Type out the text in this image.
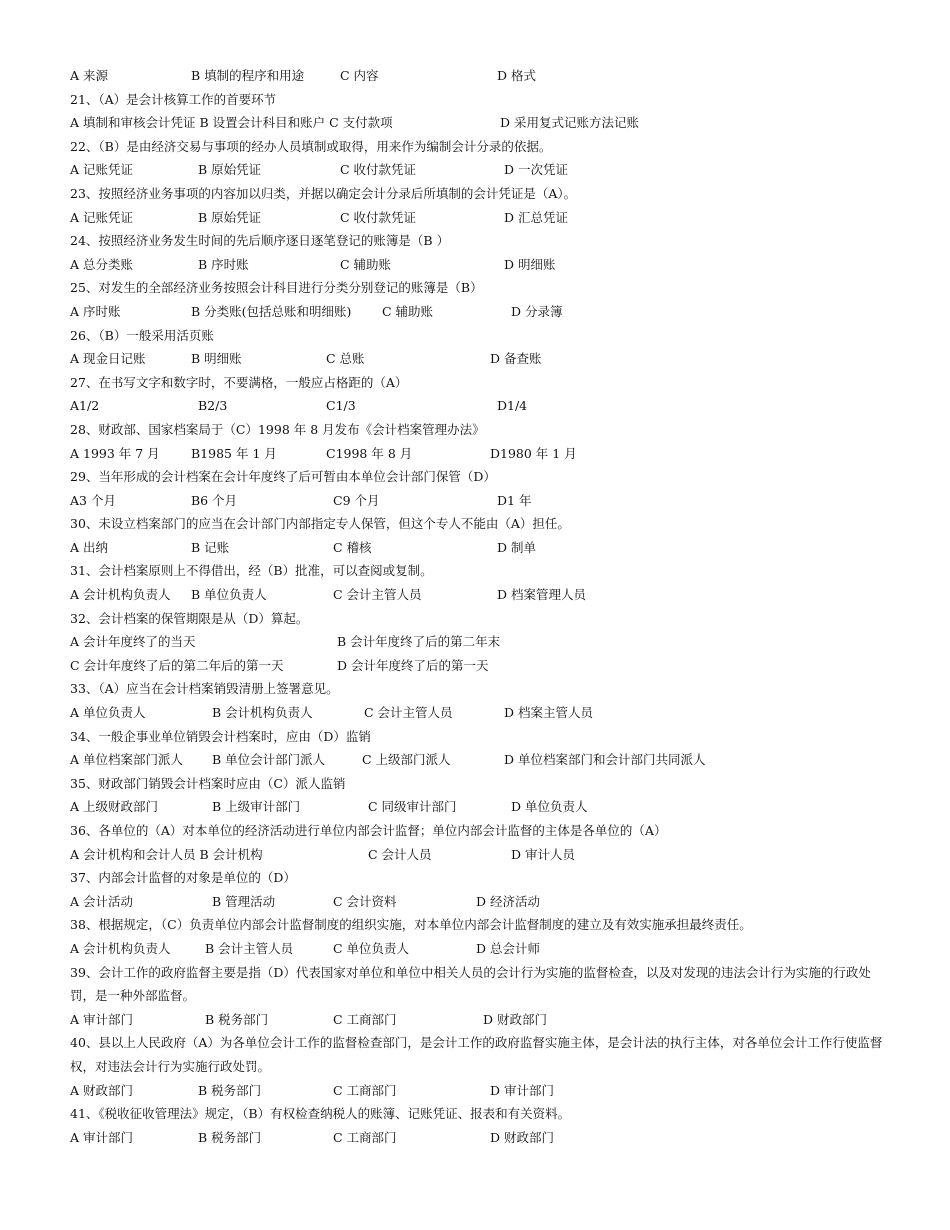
A 来源	B 填制的程序和用途	C 内容	D 格式
21、（A）是会计核算工作的首要环节
A 填制和审核会计凭证 B 设置会计科目和账户 C 支付款项	D 采用复式记账方法记账
22、（B）是由经济交易与事项的经办人员填制或取得，用来作为编制会计分录的依据。
A 记账凭证	B 原始凭证	C 收付款凭证	D 一次凭证
23、按照经济业务事项的内容加以归类，并据以确定会计分录后所填制的会计凭证是（A）。
A 记账凭证	B 原始凭证	C 收付款凭证	D 汇总凭证
24、按照经济业务发生时间的先后顺序逐日逐笔登记的账簿是（B ）
A 总分类账	B 序时账	C 辅助账	D 明细账
25、对发生的全部经济业务按照会计科目进行分类分别登记的账簿是（B）
A 序时账	B 分类账(包括总账和明细账) C 辅助账	D 分录簿
26、（B）一般采用活页账
A 现金日记账	B 明细账	C 总账	D 备查账
27、在书写文字和数字时，不要满格，一般应占格距的（A）
A1/2	B2/3	C1/3	D1/4
28、财政部、国家档案局于（C）1998 年 8 月发布《会计档案管理办法》
A 1993 年 7 月	B1985 年 1 月	C1998 年 8 月	D1980 年 1 月
29、当年形成的会计档案在会计年度终了后可暂由本单位会计部门保管（D）
A3 个月	B6 个月	C9 个月	D1 年
30、未设立档案部门的应当在会计部门内部指定专人保管，但这个专人不能由（A）担任。
A 出纳	B 记账	C 稽核	D 制单
31、会计档案原则上不得借出，经（B）批准，可以查阅或复制。
A 会计机构负责人 B 单位负责人	C 会计主管人员	D 档案管理人员
32、会计档案的保管期限是从（D）算起。
A 会计年度终了的当天	B 会计年度终了后的第二年末
C 会计年度终了后的第二年后的第一天	D 会计年度终了后的第一天
33、（A）应当在会计档案销毁清册上签署意见。
A 单位负责人	B 会计机构负责人	C 会计主管人员	D 档案主管人员
34、一般企事业单位销毁会计档案时，应由（D）监销
A 单位档案部门派人 B 单位会计部门派人	C 上级部门派人	D 单位档案部门和会计部门共同派人
35、财政部门销毁会计档案时应由（C）派人监销
A 上级财政部门	B 上级审计部门	C 同级审计部门	D 单位负责人
36、各单位的（A）对本单位的经济活动进行单位内部会计监督；单位内部会计监督的主体是各单位的（A）
A 会计机构和会计人员 B 会计机构	C 会计人员	D 审计人员
37、内部会计监督的对象是单位的（D）
A 会计活动	B 管理活动	C 会计资料	D 经济活动
38、根据规定，（C）负责单位内部会计监督制度的组织实施，对本单位内部会计监督制度的建立及有效实施承担最终责任。
A 会计机构负责人	B 会计主管人员	C 单位负责人	D 总会计师
39、会计工作的政府监督主要是指（D）代表国家对单位和单位中相关人员的会计行为实施的监督检查，以及对发现的违法会计行为实施的行政处罚，是一种外部监督。
A 审计部门	B 税务部门	C 工商部门	D 财政部门
40、县以上人民政府（A）为各单位会计工作的监督检查部门，是会计工作的政府监督实施主体，是会计法的执行主体，对各单位会计工作行使监督权，对违法会计行为实施行政处罚。
A 财政部门	B 税务部门	C 工商部门	D 审计部门
41、《税收征收管理法》规定，（B）有权检查纳税人的账簿、记账凭证、报表和有关资料。
A 审计部门	B 税务部门	C 工商部门	D 财政部门
